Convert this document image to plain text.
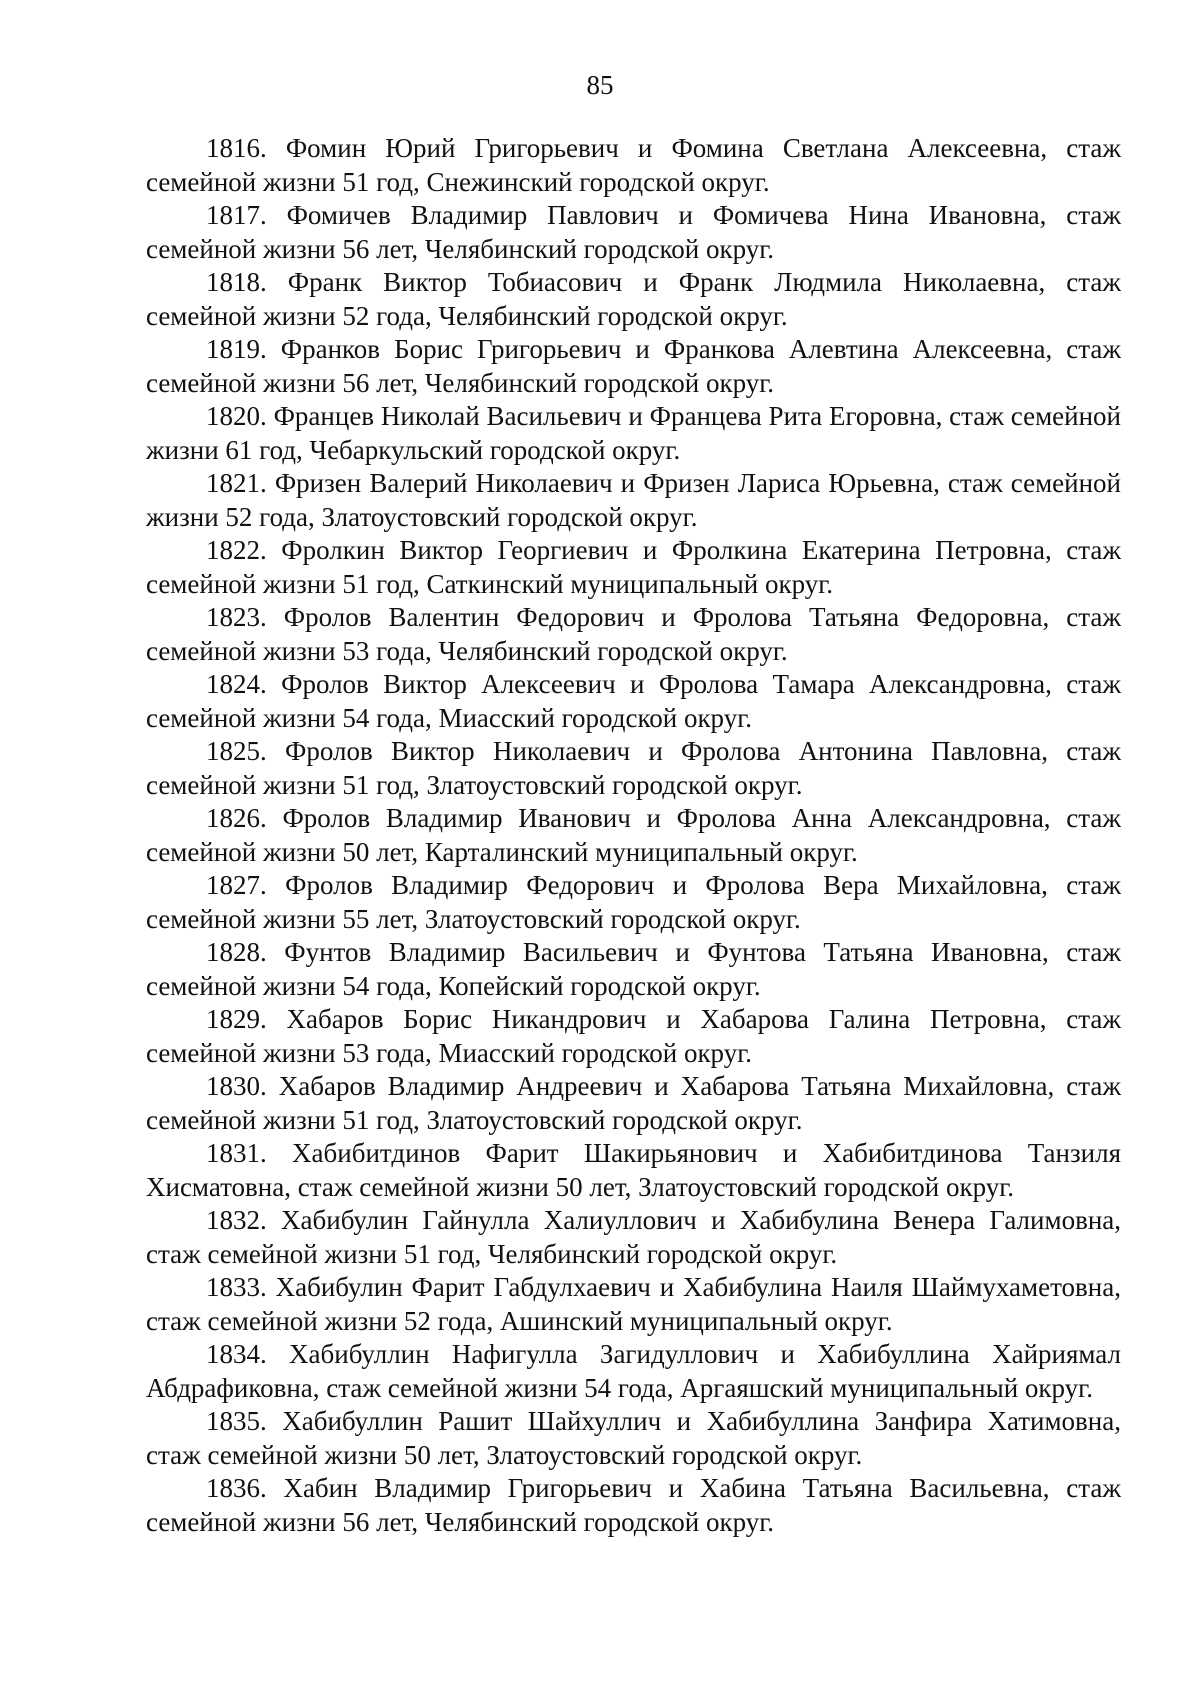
85

1816. Фомин Юрий Григорьевич и Фомина Светлана Алексеевна, стаж семейной жизни 51 год, Снежинский городской округ.

1817. Фомичев Владимир Павлович и Фомичева Нина Ивановна, стаж семейной жизни 56 лет, Челябинский городской округ.

1818. Франк Виктор Тобиасович и Франк Людмила Николаевна, стаж семейной жизни 52 года, Челябинский городской округ.

1819. Франков Борис Григорьевич и Франкова Алевтина Алексеевна, стаж семейной жизни 56 лет, Челябинский городской округ.

1820. Францев Николай Васильевич и Францева Рита Егоровна, стаж семейной жизни 61 год, Чебаркульский городской округ.

1821. Фризен Валерий Николаевич и Фризен Лариса Юрьевна, стаж семейной жизни 52 года, Златоустовский городской округ.

1822. Фролкин Виктор Георгиевич и Фролкина Екатерина Петровна, стаж семейной жизни 51 год, Саткинский муниципальный округ.

1823. Фролов Валентин Федорович и Фролова Татьяна Федоровна, стаж семейной жизни 53 года, Челябинский городской округ.

1824. Фролов Виктор Алексеевич и Фролова Тамара Александровна, стаж семейной жизни 54 года, Миасский городской округ.

1825. Фролов Виктор Николаевич и Фролова Антонина Павловна, стаж семейной жизни 51 год, Златоустовский городской округ.

1826. Фролов Владимир Иванович и Фролова Анна Александровна, стаж семейной жизни 50 лет, Карталинский муниципальный округ.

1827. Фролов Владимир Федорович и Фролова Вера Михайловна, стаж семейной жизни 55 лет, Златоустовский городской округ.

1828. Фунтов Владимир Васильевич и Фунтова Татьяна Ивановна, стаж семейной жизни 54 года, Копейский городской округ.

1829. Хабаров Борис Никандрович и Хабарова Галина Петровна, стаж семейной жизни 53 года, Миасский городской округ.

1830. Хабаров Владимир Андреевич и Хабарова Татьяна Михайловна, стаж семейной жизни 51 год, Златоустовский городской округ.

1831. Хабибитдинов Фарит Шакирьянович и Хабибитдинова Танзиля Хисматовна, стаж семейной жизни 50 лет, Златоустовский городской округ.

1832. Хабибулин Гайнулла Халиуллович и Хабибулина Венера Галимовна, стаж семейной жизни 51 год, Челябинский городской округ.

1833. Хабибулин Фарит Габдулхаевич и Хабибулина Наиля Шаймухаметовна, стаж семейной жизни 52 года, Ашинский муниципальный округ.

1834. Хабибуллин Нафигулла Загидуллович и Хабибуллина Хайриямал Абдрафиковна, стаж семейной жизни 54 года, Аргаяшский муниципальный округ.

1835. Хабибуллин Рашит Шайхуллич и Хабибуллина Занфира Хатимовна, стаж семейной жизни 50 лет, Златоустовский городской округ.

1836. Хабин Владимир Григорьевич и Хабина Татьяна Васильевна, стаж семейной жизни 56 лет, Челябинский городской округ.
